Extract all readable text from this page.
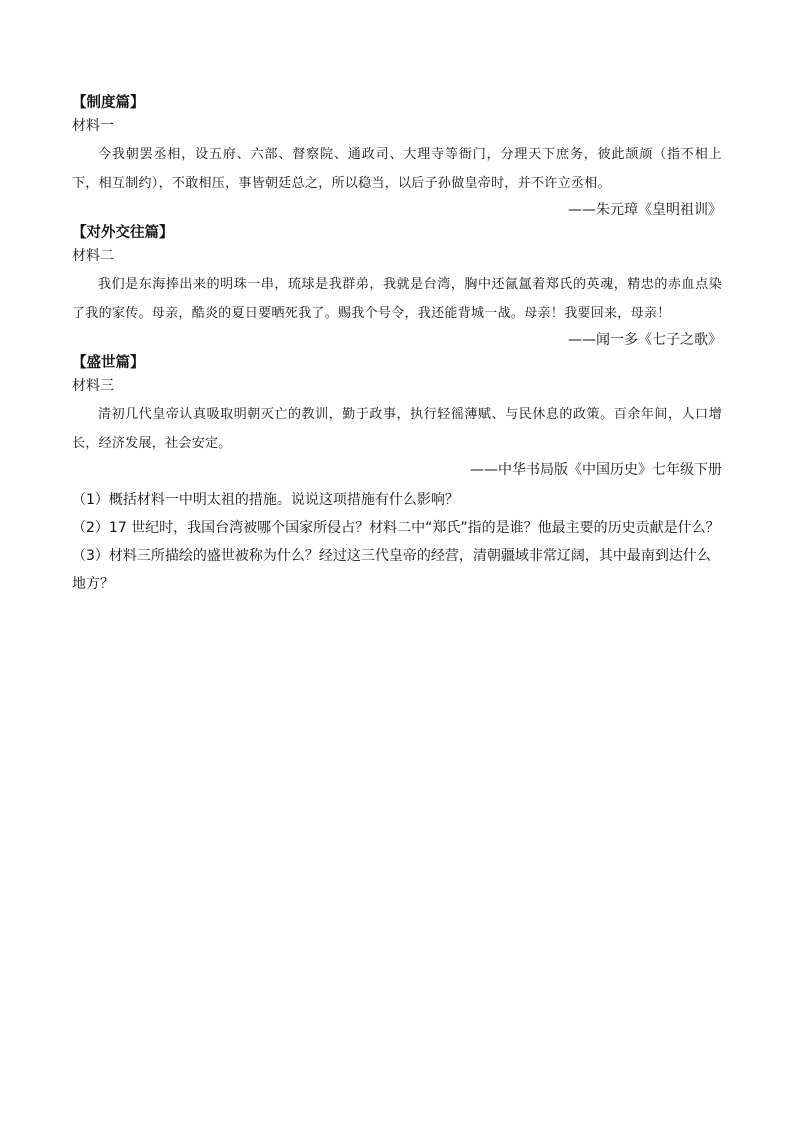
【制度篇】
材料一

今我朝罢丞相，设五府、六部、督察院、通政司、大理寺等衙门，分理天下庶务，彼此颉颃（指不相上下，相互制约），不敢相压，事皆朝廷总之，所以稳当，以后子孙做皇帝时，并不许立丞相。

——朱元璋《皇明祖训》
【对外交往篇】
材料二

我们是东海捧出来的明珠一串，琉球是我群弟，我就是台湾，胸中还氤氲着郑氏的英魂，精忠的赤血点染了我的家传。母亲，酷炎的夏日要晒死我了。赐我个号令，我还能背城一战。母亲！我要回来，母亲！

——闻一多《七子之歌》
【盛世篇】
材料三

清初几代皇帝认真吸取明朝灭亡的教训，勤于政事，执行轻徭薄赋、与民休息的政策。百余年间，人口增长，经济发展，社会安定。

——中华书局版《中国历史》七年级下册
（1）概括材料一中明太祖的措施。说说这项措施有什么影响？
（2）17 世纪时，我国台湾被哪个国家所侵占？材料二中“郑氏”指的是谁？他最主要的历史贡献是什么？
（3）材料三所描绘的盛世被称为什么？经过这三代皇帝的经营，清朝疆域非常辽阔，其中最南到达什么地方？
